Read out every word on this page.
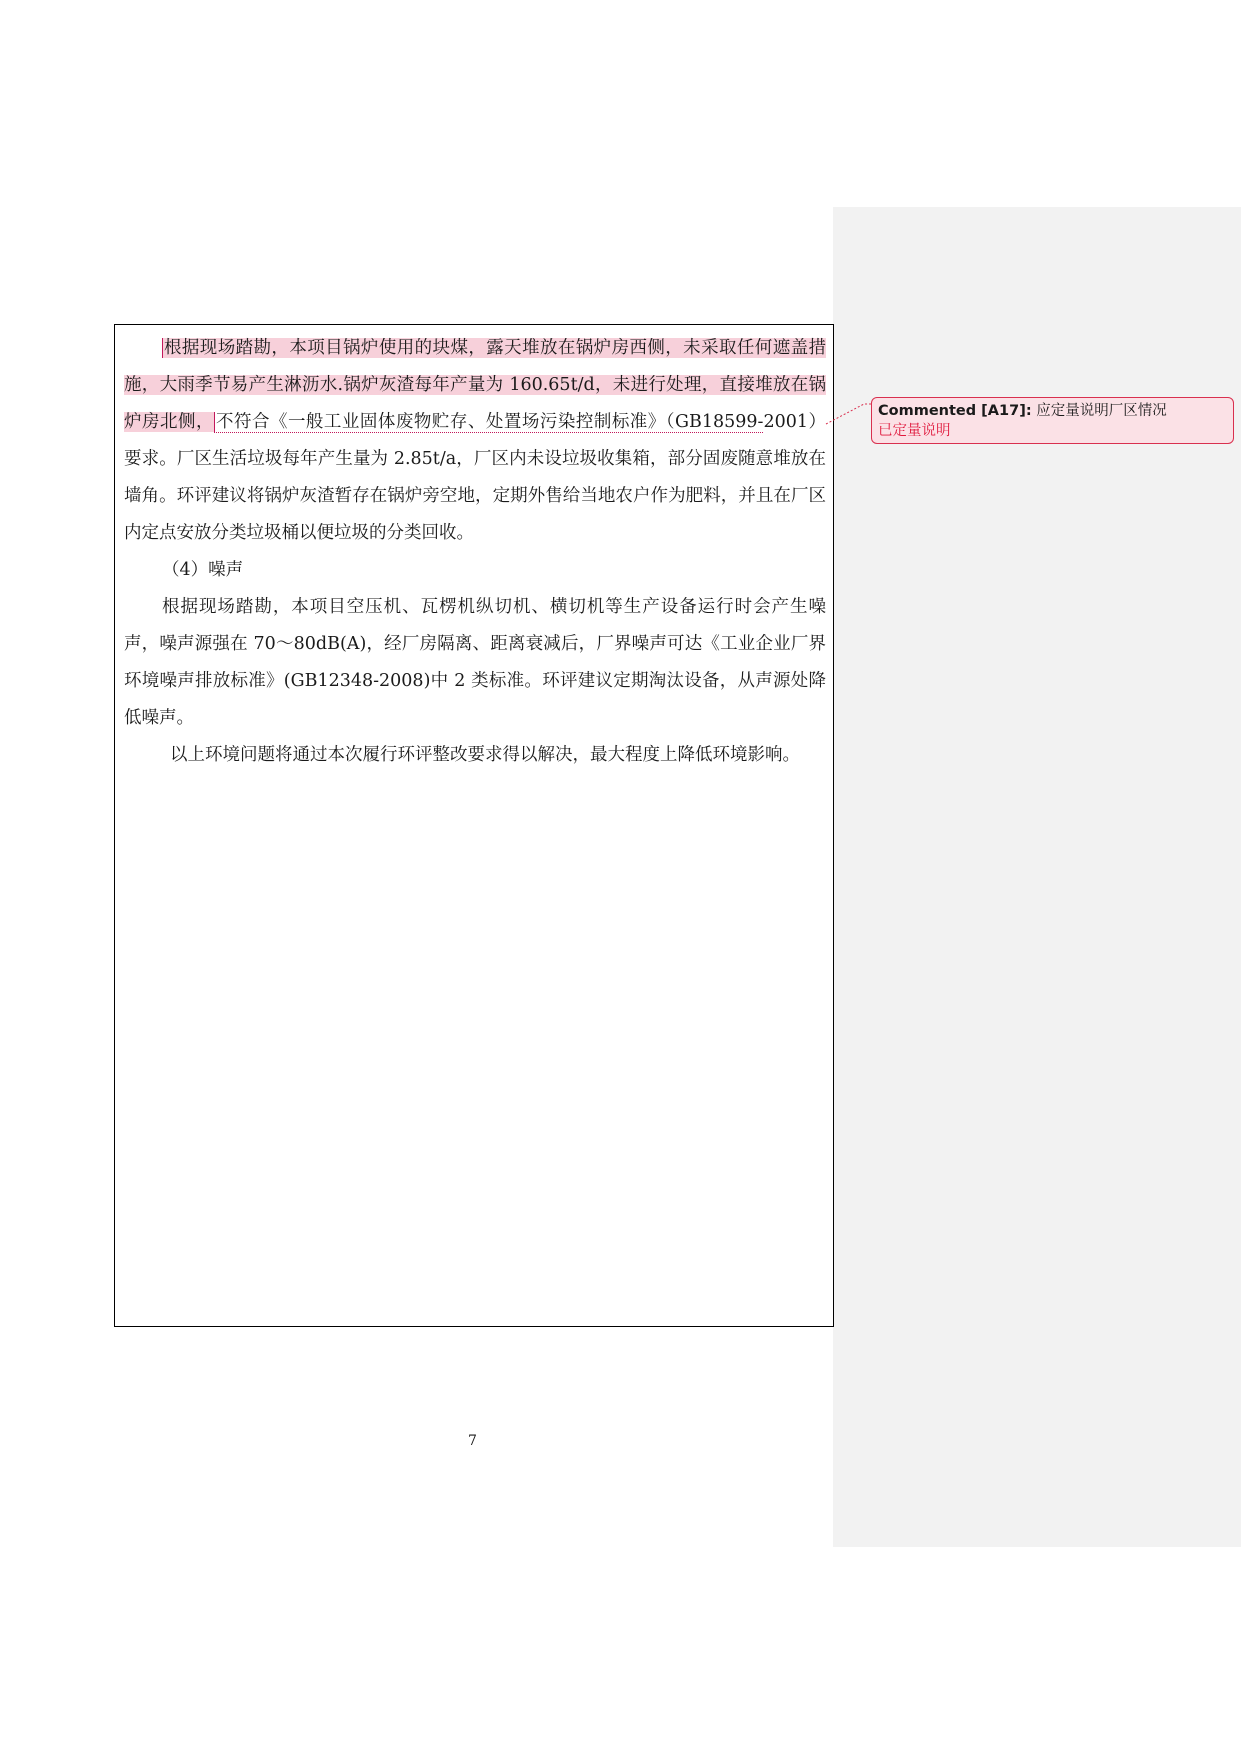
根据现场踏勘，本项目锅炉使用的块煤，露天堆放在锅炉房西侧，未采取任何遮盖措施，大雨季节易产生淋沥水.锅炉灰渣每年产量为 160.65t/d，未进行处理，直接堆放在锅炉房北侧， 不符合《一般工业固体废物贮存、处置场污染控制标准》（GB18599-2001）要求。厂区生活垃圾每年产生量为 2.85t/a，厂区内未设垃圾收集箱，部分固废随意堆放在墙角。环评建议将锅炉灰渣暂存在锅炉旁空地，定期外售给当地农户作为肥料，并且在厂区内定点安放分类垃圾桶以便垃圾的分类回收。

（4）噪声

根据现场踏勘，本项目空压机、瓦楞机纵切机、横切机等生产设备运行时会产生噪声，噪声源强在 70～80dB(A)，经厂房隔离、距离衰减后，厂界噪声可达《工业企业厂界环境噪声排放标准》(GB12348-2008)中 2 类标准。环评建议定期淘汰设备，从声源处降低噪声。

以上环境问题将通过本次履行环评整改要求得以解决，最大程度上降低环境影响。

7
Commented [A17]: 应定量说明厂区情况
已定量说明
